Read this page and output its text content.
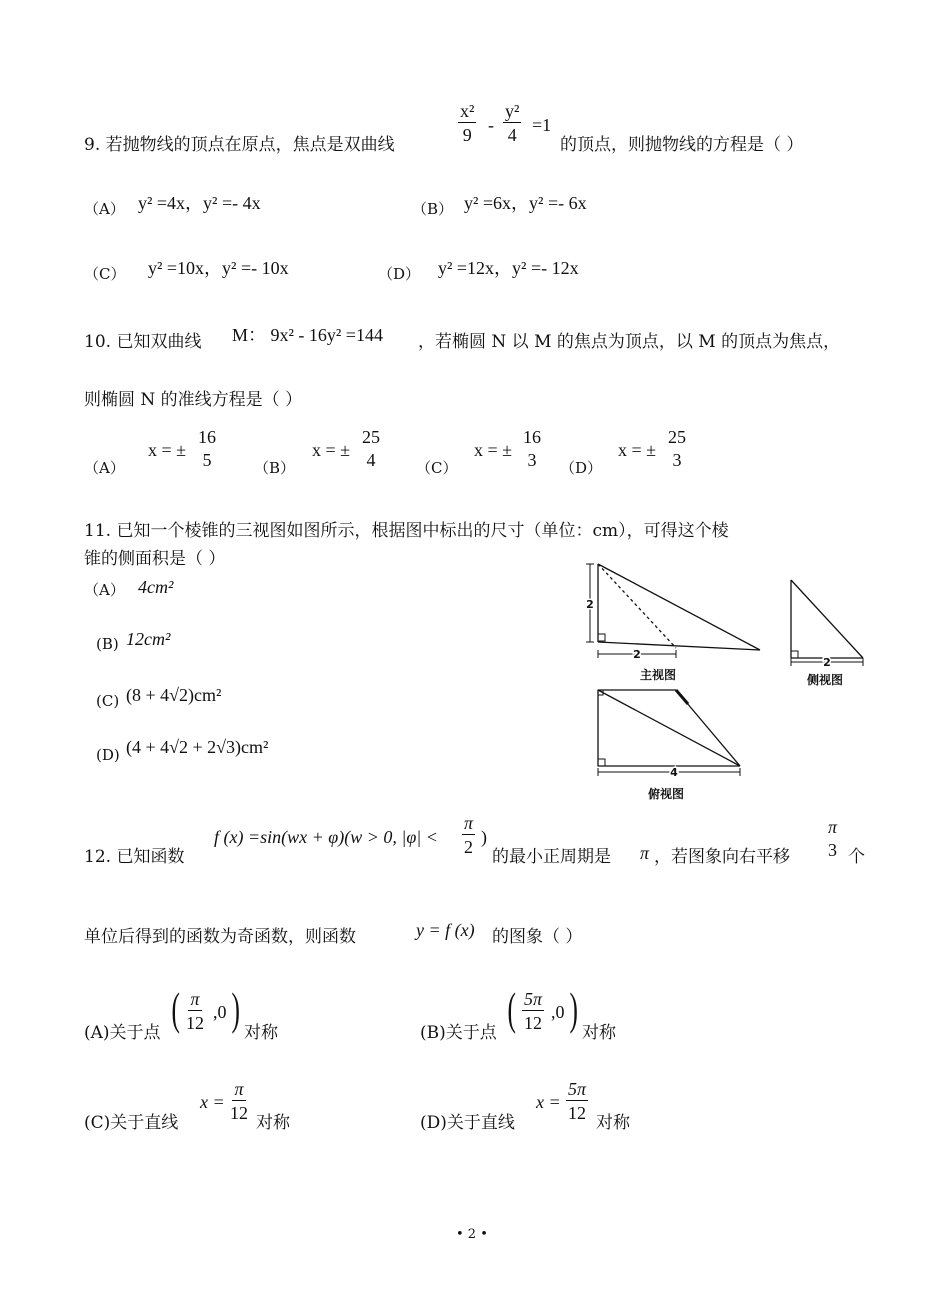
9. 若抛物线的顶点在原点，焦点是双曲线
$\frac{\text{x²}}{9} - \frac{\text{y²}}{4} =1$
的顶点，则抛物线的方程是（ ）
（A） y² =4x，y² =- 4x	（B） y² =6x，y² =- 6x
（C） y² =10x，y² =- 10x	（D） y² =12x，y² =- 12x
10. 已知双曲线 M： 9x² - 16y² =144 ，若椭圆 N 以 M 的焦点为顶点，以 M 的顶点为焦点，
则椭圆 N 的准线方程是（ ）
（A）
x = ±
16
5	（B）
x = ±
25
4	（C）
x = ±
16
3 （D）
x = ±
25
3
11. 已知一个棱锥的三视图如图所示，根据图中标出的尺寸（单位：cm），可得这个棱
锥的侧面积是（ ）
（A） 4cm²
(B) 12cm²
(C) (8 + 4√2)cm²
(D) (4 + 4√2 + 2√3)cm²
2
2
主视图
2
侧视图
4
俯视图
12. 已知函数
f (x) =sin(wx + φ)(w > 0, $|\varphi| < \frac{\pi}{2}$ )
的最小正周期是 π ，若图象向右平移
π
3 个
单位后得到的函数为奇函数，则函数	y = f (x) 的图象（ ）
(A)关于点 ( $\frac{\pi}{12} ,0$ ) 对称	(B)关于点 ( $\frac{5\pi}{12} ,0$ ) 对称
(C)关于直线
$x = \frac{\pi}{12}$
对称	(D)关于直线
$x = \frac{5\pi}{12}$
对称
• 2 •
